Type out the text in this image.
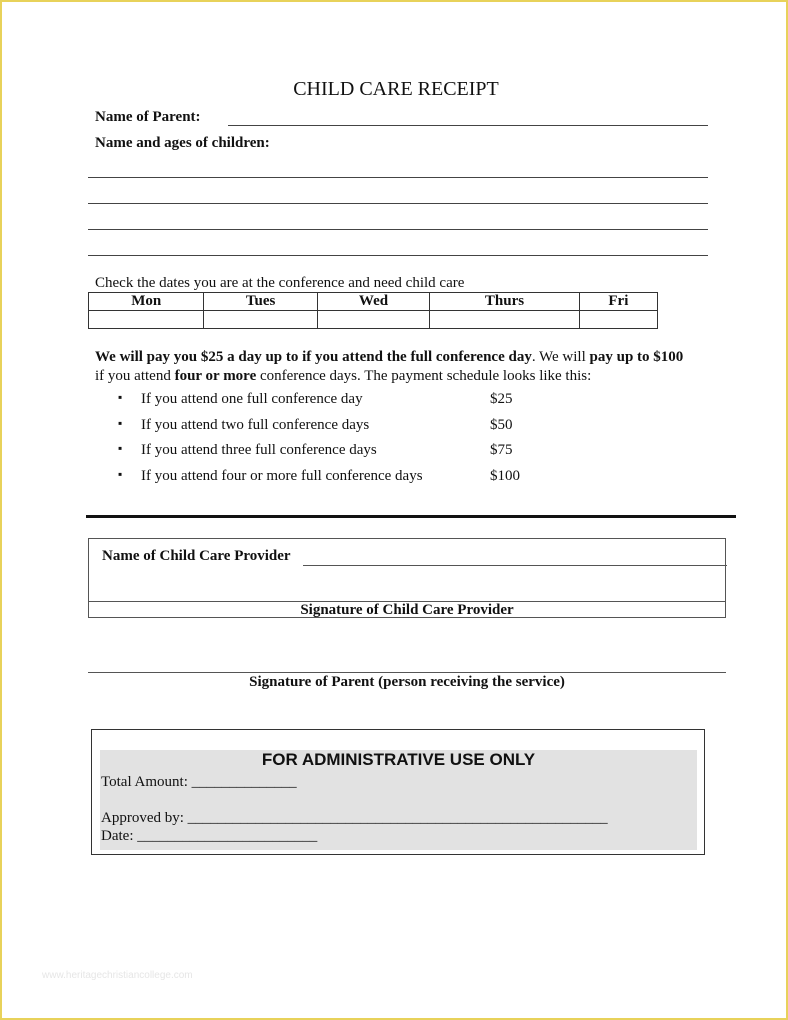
CHILD CARE RECEIPT
Name of Parent:
Name and ages of children:
Check the dates you are at the conference and need child care
Mon	Tues	Wed	Thurs	Fri

We will pay you $25 a day up to if you attend the full conference day. We will pay up to $100 if you attend four or more conference days. The payment schedule looks like this:
▪ If you attend one full conference day	$25
▪ If you attend two full conference days	$50
▪ If you attend three full conference days	$75
▪ If you attend four or more full conference days	$100
Name of Child Care Provider
Signature of Child Care Provider
Signature of Parent (person receiving the service)
FOR ADMINISTRATIVE USE ONLY
Total Amount: ______________
Approved by: ________________________________________________________
Date: ________________________
www.heritagechristiancollege.com
